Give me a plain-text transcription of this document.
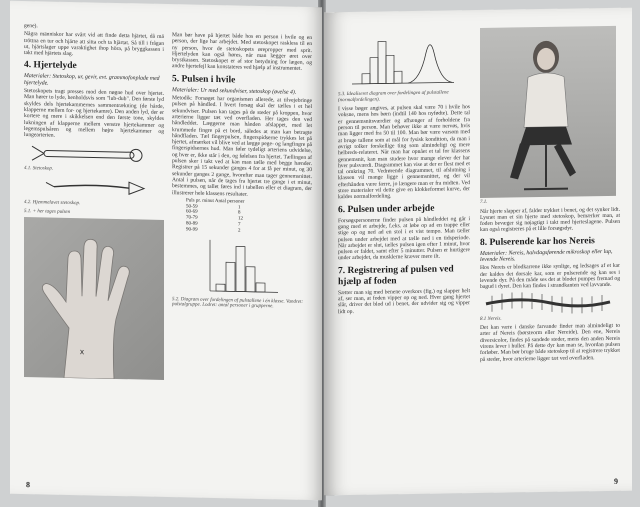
gene).

Några människor har svårt vid att finde detta hjärtet, då mä tröttna en tur och hjärte att sitta och ta hjärtat. Så till i frågan ut, hjärtslager uppe varaktighet ihop höra, på bryggkassen i takt med hjärtets slag.

4. Hjertelyde

Materialer: Stetoskop, ur, gevir, evt. grammofonplade med hjertelyde.

Stetoskopets tragt presses mod den nøgne hud over hjertet. Man hører to lyde, henholdsvis som "lub-dub". Den første lyd skyldes dels hjertekammernes sammentrækning (de hårde, klapperne mellem for- og hjertekamre). Den anden lyd, der er kortere og mere i skikkelsen end den første tone, skyldes lukningen af klapperne mellem venstre hjertekammer og legemspulsåren og mellem højre hjertekammer og lungearterien.

4.1. Stetoskop.

4.2. Hjemmelavet stetoskop.

5.1. + her tages pulsen

x

Man bør have på hjertet både hos en person i hvile og en person, der lige har arbejdet. Med stetoskopet raskless til en ny person, hvor de stetoskopets ørepropper med sprit. Hjertelyden kan også høres, når man lægger øret over brystkassen. Stetoskopet er af stor betydning for lægen, og andre hjertefejl kan konstateres ved hjælp af instrumentet.

5. Pulsen i hvile

Materialer: Ur med sekundviser, stetoskop (øvelse 4).

Metodik: Forsøget har organismen allerede, at tilvejebringe pulsen på håndled. I hvert forsøg skal der tælles i et hel sekundviser. Pulsen kan tages på de steder på kroppen, hvor arterierne ligger tæt ved overfladen. Her tages den ved håndleddet. Læggerne man hånden afslappet, med let krummede fingre på et bord, således at man kan betragte håndfladen. Tæl fingerpulsen, fingerspidserne trykkes let på hjertet, afmærket vil blive ved at lægge pege- og langfingre på fingerspidsernes hud. Man føler tydeligt arteriens udvidelse, og hver er, ikke står i den, og følelsen fra hjertet. Tællingen af pulsen sker i takt ved at kan man tælle med begge hænder. Registrer på 15 sekunder ganges 4 for at få per minut, og 30 sekunder ganges 2 gange, hvorefter man tager gennemsnittet. Antal i pulsen, når de tages fra hjertet tre gange i et minut, bestemmes, og tallet føres ind i tabellen eller et diagram, der illustrerer hele klassens resultater.

Puls pr. minut Antal personer
50-59	1
60-69	8
70-79	12
80-89	7
90-99	2

5.2. Diagram over fordelingen af pulstallene i én klasse. Vandret: pulstalgruppe. Lodret: antal personer i grupperne.

8

5.3. Idealiseret diagram over fordelingen af pulstallene (normalfordelingen).

I visse bøger angives, at pulsen skal være 70 i hvile hos voksne, mens hos børn (indtil 140 hos nyfødte). Dette tal er gennemsnitsværdier og afhænger af forholdene fra person til person. Man behøver ikke at være nervøs, hvis man ligger med fra 50 til 100. Man bør være varsom med at bruge tallene som at mål for fysisk kondition, da man i øvrigt tolker forskellige ting som almindeligt og mere helbreds-relateret. Når man har opnået et tal for klassens gennemsnit, kan man studere hvor mange elever der har hver pulsværdi. Diagrammet kan vise at der er flest med et tal omkring 70. Vedrørende diagrammet, til afslutning i klassen vil mange ligge i gennemsnittet, og der vil efterhånden være færre, jo længere man er fra midten. Ved store materialer vil dette give en klokkeformet kurve, der kaldes normalfordeling.

6. Pulsen under arbejde

Forsøgspersonerne finder pulsen på håndleddet og går i gang med et arbejde, f.eks. at løbe op ad en trappe eller stige op og ned ad en stol i et vist tempo. Man tæller pulsen under arbejdet med at tælle ned i en tidsperiode. Når arbejdet er slut, tælles pulsen igen efter 1 minut, hvor pulsen er faldet, samt efter 5 minutter. Pulsen er hurtigere under arbejdet, da musklerne kræver mere ilt.

7. Registrering af pulsen ved hjælp af foden

Sætter man sig med benene overkors (fig.) og slapper helt af, ser man, at foden vipper op og ned. Hver gang hjertet slår, driver det blod ud i benet, der udvider sig og vipper lidt op.

7.1.

Når hjerte slapper af, falder trykket i benet, og det synker lidt. Lysnet man et sin hjerte med stetoskop, bemærker man, at foden bevæger sig nøjagtigt i takt med hjerteslagene. Pulsen kan også registreres på et lille forsøgsdyr.

8. Pulserende kar hos Nereis

Materialer: Nereis, halvdagsførende mikroskop eller lup, levende Nereis.

Hos Nereis er blodkarrene ikke synlige, og ledsages af et kar der kaldes det dorsale kar, som er pulserende og kan ses i levende dyr. På den måde ses det at blodet pumpes fremad og bagud i dyret. Den kan findes i strandkanten ved lavvande.

8.1 Nereis.

Det kan være i danske farvande finder man almindeligt to arter af Nereis (børsteorm eller Nereide). Den ene, Nereis diversicolor, findes på sandede steder, mens den anden Nereis virens lever i huller. På dette dyr kan man se, hvordan pulsen forløber. Man bør bruge både stetoskop til at registrere trykket på steder, hvor arterierne ligger tæt ved overfladen.

9
